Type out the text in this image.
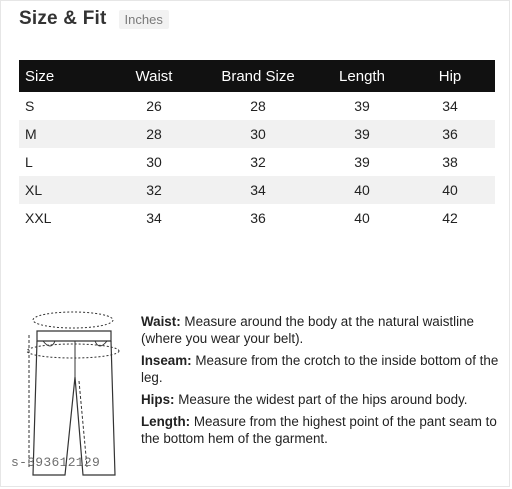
Size & Fit	Inches
Size	Waist	Brand Size	Length	Hip
S	26	28	39	34
M	28	30	39	36
L	30	32	39	38
XL	32	34	40	40
XXL	34	36	40	42
Waist: Measure around the body at the natural waistline (where you wear your belt).
Inseam: Measure from the crotch to the inside bottom of the leg.
Hips: Measure the widest part of the hips around body.
Length: Measure from the highest point of the pant seam to the bottom hem of the garment.
s-393612129
